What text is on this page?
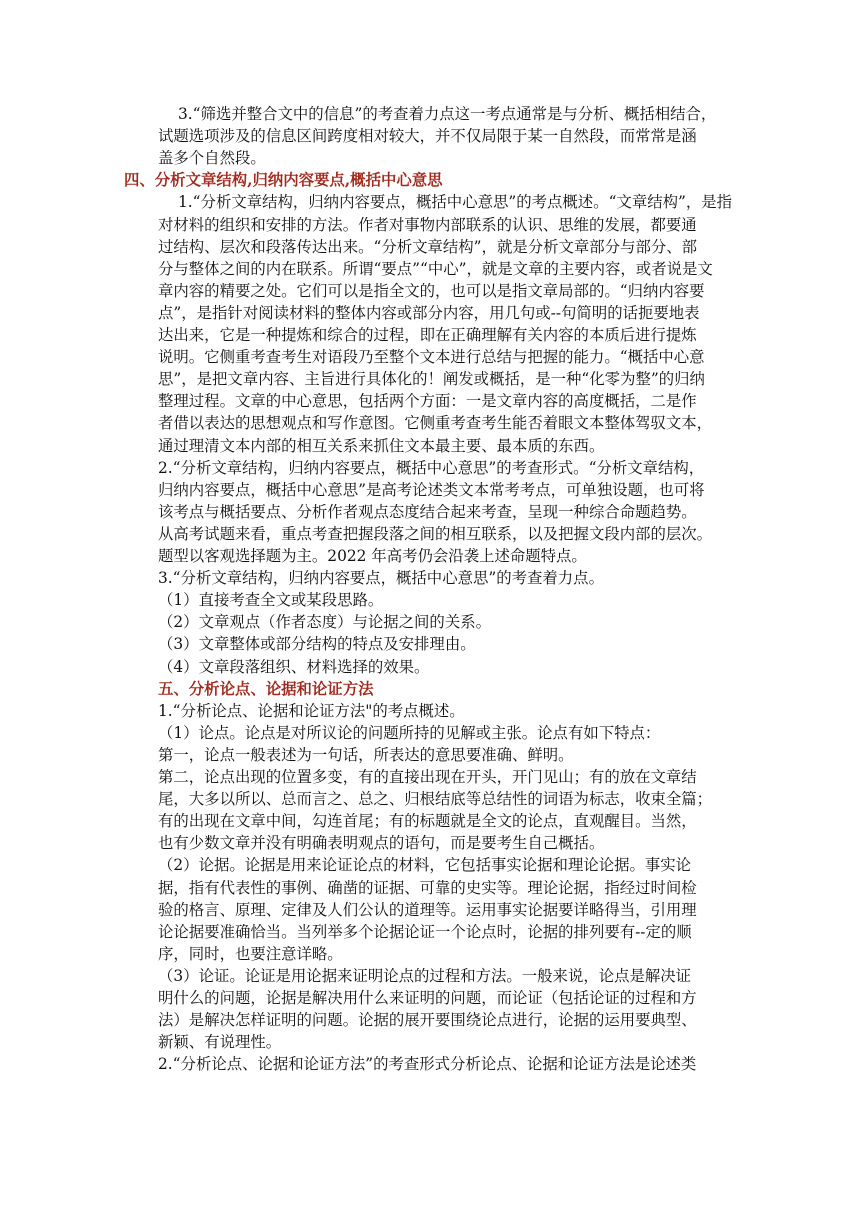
3.“筛选并整合文中的信息”的考查着力点这一考点通常是与分析、概括相结合，
试题选项涉及的信息区间跨度相对较大，并不仅局限于某一自然段，而常常是涵
盖多个自然段。
四、分析文章结构,归纳内容要点,概括中心意思
1.“分析文章结构，归纳内容要点，概括中心意思”的考点概述。“文章结构”，是指
对材料的组织和安排的方法。作者对事物内部联系的认识、思维的发展，都要通
过结构、层次和段落传达出来。“分析文章结构”，就是分析文章部分与部分、部
分与整体之间的内在联系。所谓“要点”“中心”，就是文章的主要内容，或者说是文
章内容的精要之处。它们可以是指全文的，也可以是指文章局部的。“归纳内容要
点”，是指针对阅读材料的整体内容或部分内容，用几句或--句简明的话扼要地表
达出来，它是一种提炼和综合的过程，即在正确理解有关内容的本质后进行提炼
说明。它侧重考查考生对语段乃至整个文本进行总结与把握的能力。“概括中心意
思”，是把文章内容、主旨进行具体化的！阐发或概括，是一种“化零为整”的归纳
整理过程。文章的中心意思，包括两个方面：一是文章内容的高度概括，二是作
者借以表达的思想观点和写作意图。它侧重考查考生能否着眼文本整体驾驭文本，
通过理清文本内部的相互关系来抓住文本最主要、最本质的东西。
2.“分析文章结构，归纳内容要点，概括中心意思”的考查形式。“分析文章结构，
归纳内容要点，概括中心意思”是高考论述类文本常考考点，可单独设题，也可将
该考点与概括要点、分析作者观点态度结合起来考查，呈现一种综合命题趋势。
从高考试题来看，重点考查把握段落之间的相互联系，以及把握文段内部的层次。
题型以客观选择题为主。2022 年高考仍会沿袭上述命题特点。
3.“分析文章结构，归纳内容要点，概括中心意思”的考查着力点。
（1）直接考查全文或某段思路。
（2）文章观点（作者态度）与论据之间的关系。
（3）文章整体或部分结构的特点及安排理由。
（4）文章段落组织、材料选择的效果。
五、分析论点、论据和论证方法
1.“分析论点、论据和论证方法"的考点概述。
（1）论点。论点是对所议论的问题所持的见解或主张。论点有如下特点：
第一，论点一般表述为一句话，所表达的意思要准确、鲜明。
第二，论点出现的位置多变，有的直接出现在开头，开门见山；有的放在文章结
尾，大多以所以、总而言之、总之、归根结底等总结性的词语为标志，收束全篇；
有的出现在文章中间，勾连首尾；有的标题就是全文的论点，直观醒目。当然，
也有少数文章并没有明确表明观点的语句，而是要考生自己概括。
（2）论据。论据是用来论证论点的材料，它包括事实论据和理论论据。事实论
据，指有代表性的事例、确凿的证据、可靠的史实等。理论论据，指经过时间检
验的格言、原理、定律及人们公认的道理等。运用事实论据要详略得当，引用理
论论据要准确恰当。当列举多个论据论证一个论点时，论据的排列要有--定的顺
序，同时，也要注意详略。
（3）论证。论证是用论据来证明论点的过程和方法。一般来说，论点是解决证
明什么的问题，论据是解决用什么来证明的问题，而论证（包括论证的过程和方
法）是解决怎样证明的问题。论据的展开要围绕论点进行，论据的运用要典型、
新颖、有说理性。
2.“分析论点、论据和论证方法”的考查形式分析论点、论据和论证方法是论述类
